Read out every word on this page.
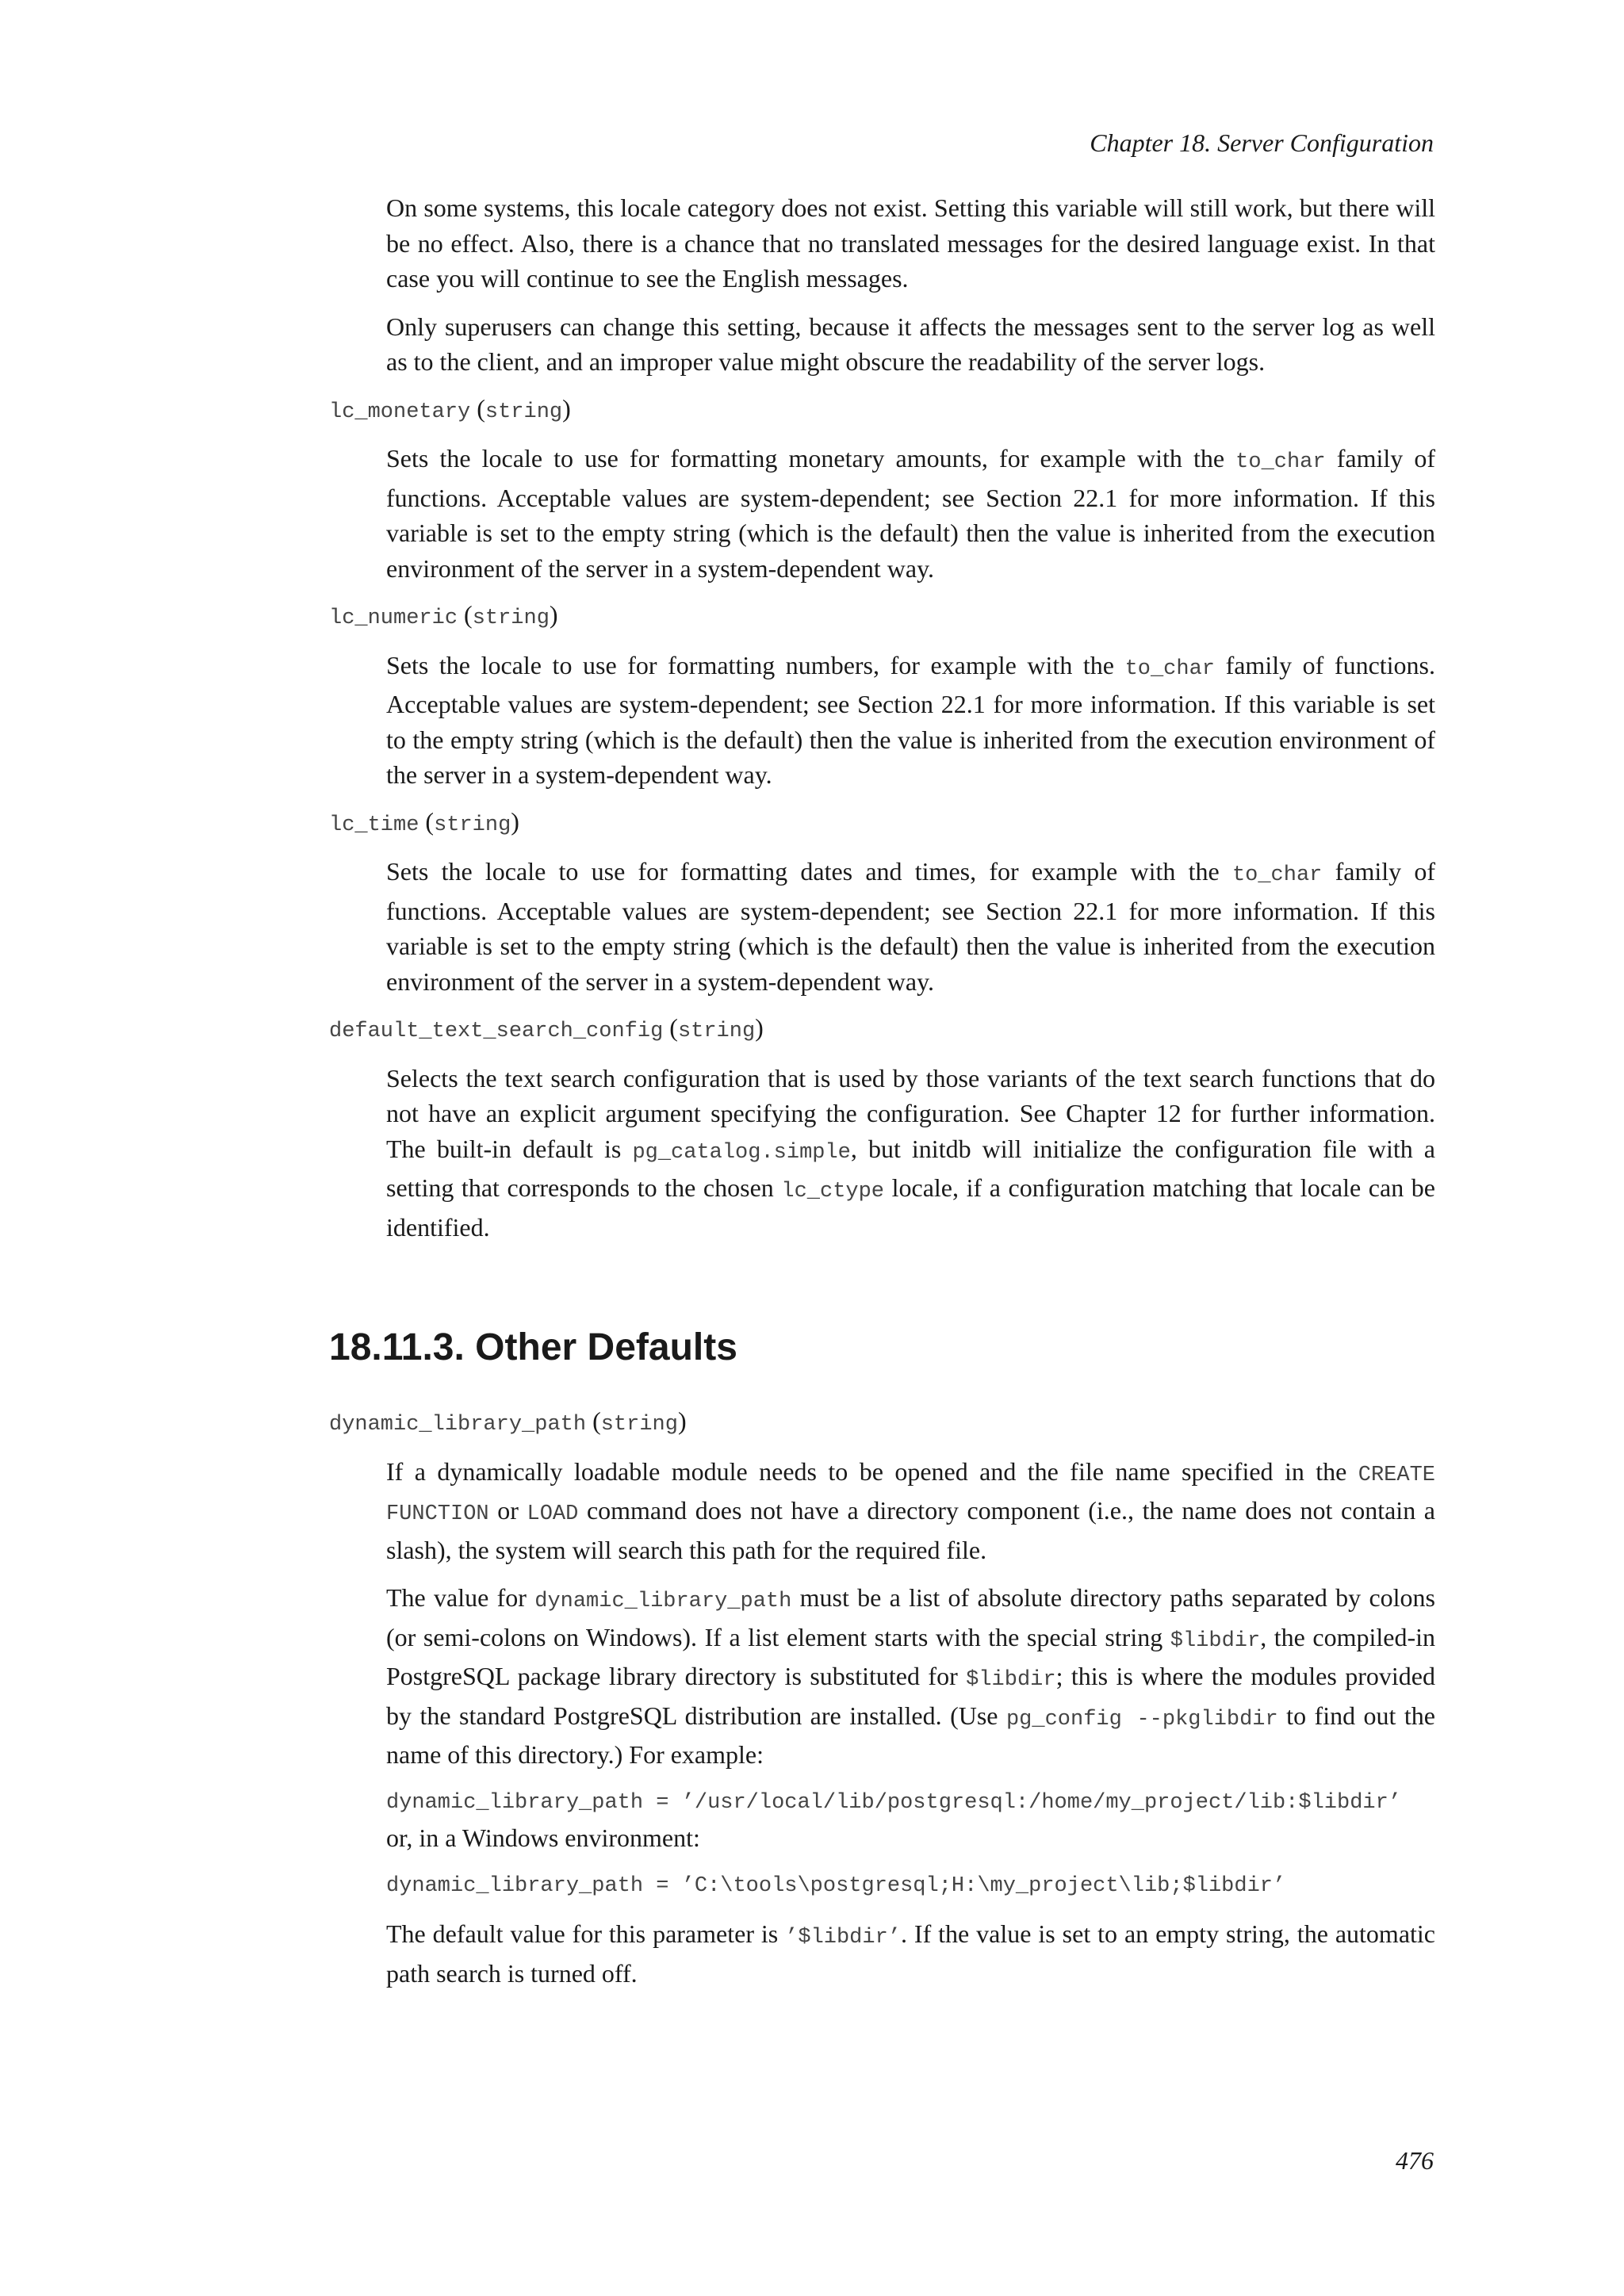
Chapter 18. Server Configuration

On some systems, this locale category does not exist. Setting this variable will still work, but there will be no effect. Also, there is a chance that no translated messages for the desired language exist. In that case you will continue to see the English messages.

Only superusers can change this setting, because it affects the messages sent to the server log as well as to the client, and an improper value might obscure the readability of the server logs.

lc_monetary (string)

Sets the locale to use for formatting monetary amounts, for example with the to_char family of functions. Acceptable values are system-dependent; see Section 22.1 for more information. If this variable is set to the empty string (which is the default) then the value is inherited from the execution environment of the server in a system-dependent way.

lc_numeric (string)

Sets the locale to use for formatting numbers, for example with the to_char family of functions. Acceptable values are system-dependent; see Section 22.1 for more information. If this variable is set to the empty string (which is the default) then the value is inherited from the execution environment of the server in a system-dependent way.

lc_time (string)

Sets the locale to use for formatting dates and times, for example with the to_char family of functions. Acceptable values are system-dependent; see Section 22.1 for more information. If this variable is set to the empty string (which is the default) then the value is inherited from the execution environment of the server in a system-dependent way.

default_text_search_config (string)

Selects the text search configuration that is used by those variants of the text search functions that do not have an explicit argument specifying the configuration. See Chapter 12 for further information. The built-in default is pg_catalog.simple, but initdb will initialize the configuration file with a setting that corresponds to the chosen lc_ctype locale, if a configuration matching that locale can be identified.

18.11.3. Other Defaults
dynamic_library_path (string)

If a dynamically loadable module needs to be opened and the file name specified in the CREATE FUNCTION or LOAD command does not have a directory component (i.e., the name does not contain a slash), the system will search this path for the required file.

The value for dynamic_library_path must be a list of absolute directory paths separated by colons (or semi-colons on Windows). If a list element starts with the special string $libdir, the compiled-in PostgreSQL package library directory is substituted for $libdir; this is where the modules provided by the standard PostgreSQL distribution are installed. (Use pg_config --pkglibdir to find out the name of this directory.) For example:

dynamic_library_path = ’/usr/local/lib/postgresql:/home/my_project/lib:$libdir’

or, in a Windows environment:

dynamic_library_path = ’C:\tools\postgresql;H:\my_project\lib;$libdir’

The default value for this parameter is ’$libdir’. If the value is set to an empty string, the automatic path search is turned off.

476
